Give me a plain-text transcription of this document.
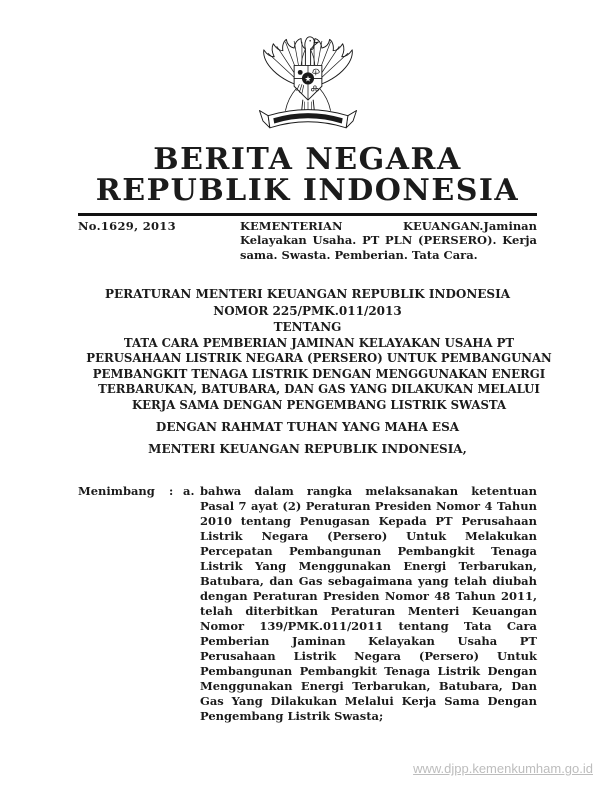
★
BERITA NEGARA
REPUBLIK INDONESIA
No.1629, 2013	KEMENTERIAN KEUANGAN.Jaminan Kelayakan Usaha. PT PLN (PERSERO). Kerja sama. Swasta. Pemberian. Tata Cara.

PERATURAN MENTERI KEUANGAN REPUBLIK INDONESIA

NOMOR 225/PMK.011/2013

TENTANG

TATA CARA PEMBERIAN JAMINAN KELAYAKAN USAHA PT PERUSAHAAN LISTRIK NEGARA (PERSERO) UNTUK PEMBANGUNAN PEMBANGKIT TENAGA LISTRIK DENGAN MENGGUNAKAN ENERGI TERBARUKAN, BATUBARA, DAN GAS YANG DILAKUKAN MELALUI KERJA SAMA DENGAN PENGEMBANG LISTRIK SWASTA

DENGAN RAHMAT TUHAN YANG MAHA ESA

MENTERI KEUANGAN REPUBLIK INDONESIA,

Menimbang	: a. bahwa dalam rangka melaksanakan ketentuan Pasal 7 ayat (2) Peraturan Presiden Nomor 4 Tahun 2010 tentang Penugasan Kepada PT Perusahaan Listrik Negara (Persero) Untuk Melakukan Percepatan Pembangunan Pembangkit Tenaga Listrik Yang Menggunakan Energi Terbarukan, Batubara, dan Gas sebagaimana yang telah diubah dengan Peraturan Presiden Nomor 48 Tahun 2011, telah diterbitkan Peraturan Menteri Keuangan Nomor 139/PMK.011/2011 tentang Tata Cara Pemberian Jaminan Kelayakan Usaha PT Perusahaan Listrik Negara (Persero) Untuk Pembangunan Pembangkit Tenaga Listrik Dengan Menggunakan Energi Terbarukan, Batubara, Dan Gas Yang Dilakukan Melalui Kerja Sama Dengan Pengembang Listrik Swasta;

www.djpp.kemenkumham.go.id
